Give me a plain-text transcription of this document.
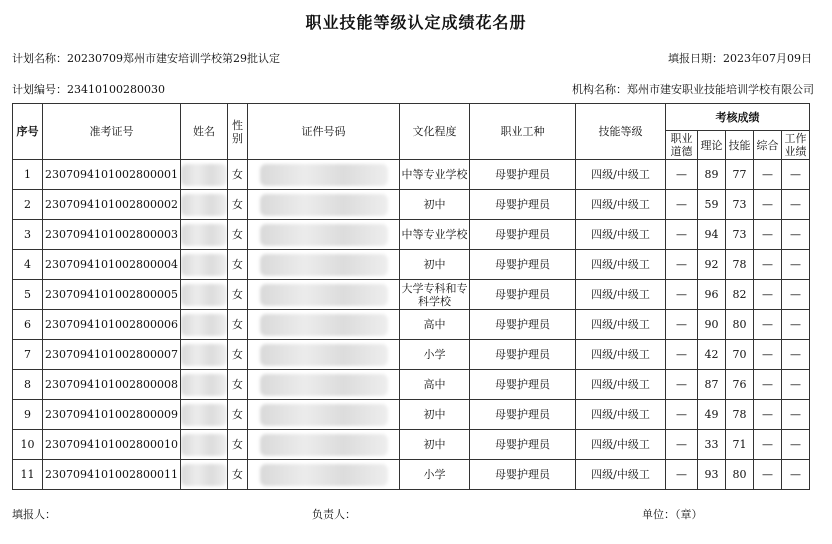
职业技能等级认定成绩花名册
计划名称：20230709郑州市建安培训学校第29批认定	填报日期：2023年07月09日
计划编号：23410100280030	机构名称：郑州市建安职业技能培训学校有限公司
序号	准考证号	姓名	性别	证件号码	文化程度	职业工种	技能等级	考核成绩				
								职业道德	理论	技能	综合	工作业绩
1	2307094101002800001		女		中等专业学校	母婴护理员	四级/中级工	—	89	77	—	—
2	2307094101002800002		女		初中	母婴护理员	四级/中级工	—	59	73	—	—
3	2307094101002800003		女		中等专业学校	母婴护理员	四级/中级工	—	94	73	—	—
4	2307094101002800004		女		初中	母婴护理员	四级/中级工	—	92	78	—	—
5	2307094101002800005		女		大学专科和专科学校	母婴护理员	四级/中级工	—	96	82	—	—
6	2307094101002800006		女		高中	母婴护理员	四级/中级工	—	90	80	—	—
7	2307094101002800007		女		小学	母婴护理员	四级/中级工	—	42	70	—	—
8	2307094101002800008		女		高中	母婴护理员	四级/中级工	—	87	76	—	—
9	2307094101002800009		女		初中	母婴护理员	四级/中级工	—	49	78	—	—
10	2307094101002800010		女		初中	母婴护理员	四级/中级工	—	33	71	—	—
11	2307094101002800011		女		小学	母婴护理员	四级/中级工	—	93	80	—	—
填报人：	负责人：	单位：（章）
